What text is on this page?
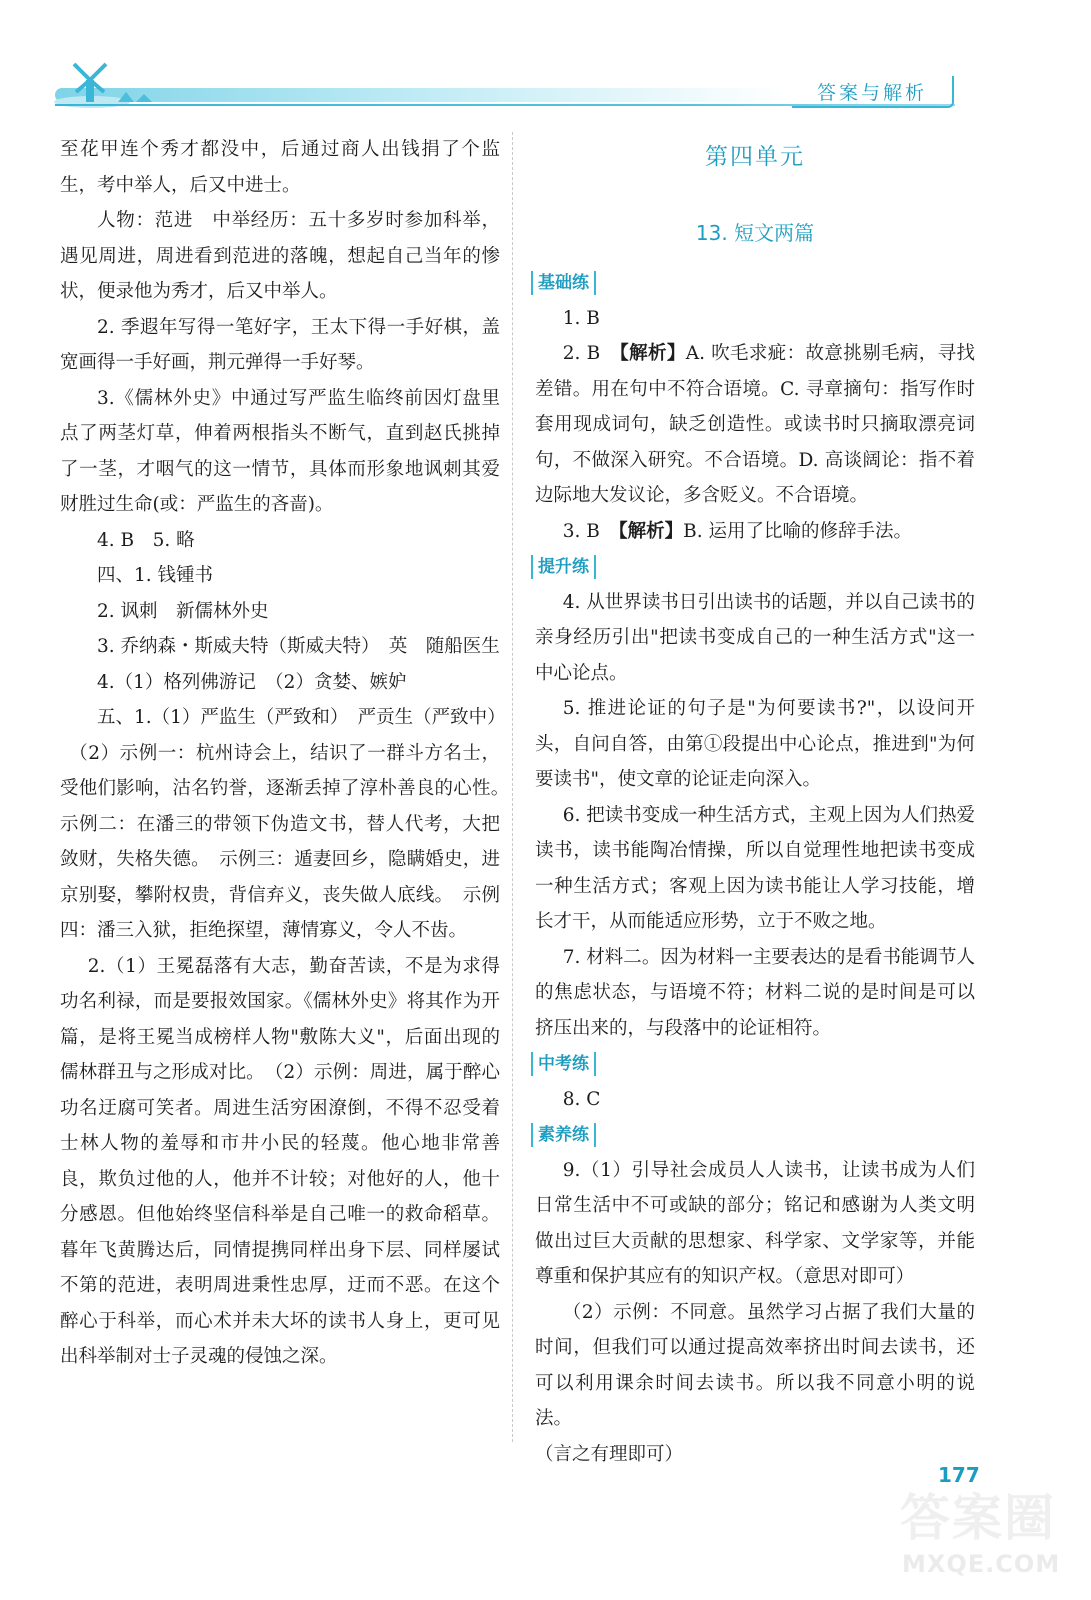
答案与解析

至花甲连个秀才都没中，后通过商人出钱捐了个监生，考中举人，后又中进士。

人物：范进　中举经历：五十多岁时参加科举，遇见周进，周进看到范进的落魄，想起自己当年的惨状，便录他为秀才，后又中举人。

2. 季遐年写得一笔好字，王太下得一手好棋，盖宽画得一手好画，荆元弹得一手好琴。

3.《儒林外史》中通过写严监生临终前因灯盘里点了两茎灯草，伸着两根指头不断气，直到赵氏挑掉了一茎，才咽气的这一情节，具体而形象地讽刺其爱财胜过生命(或：严监生的吝啬)。

4. B　5. 略

四、1. 钱锺书

2. 讽刺　新儒林外史

3. 乔纳森・斯威夫特（斯威夫特）　英　随船医生

4.（1）格列佛游记　（2）贪婪、嫉妒

五、1.（1）严监生（严致和）　严贡生（严致中）

（2）示例一：杭州诗会上，结识了一群斗方名士，受他们影响，沽名钓誉，逐渐丢掉了淳朴善良的心性。　示例二：在潘三的带领下伪造文书，替人代考，大把敛财，失格失德。　示例三：遁妻回乡，隐瞒婚史，进京别娶，攀附权贵，背信弃义，丧失做人底线。　示例四：潘三入狱，拒绝探望，薄情寡义，令人不齿。

2.（1）王冕磊落有大志，勤奋苦读，不是为求得功名利禄，而是要报效国家。《儒林外史》将其作为开篇，是将王冕当成榜样人物"敷陈大义"，后面出现的儒林群丑与之形成对比。　（2）示例：周进，属于醉心功名迂腐可笑者。周进生活穷困潦倒，不得不忍受着士林人物的羞辱和市井小民的轻蔑。他心地非常善良，欺负过他的人，他并不计较；对他好的人，他十分感恩。但他始终坚信科举是自己唯一的救命稻草。暮年飞黄腾达后，同情提携同样出身下层、同样屡试不第的范进，表明周进秉性忠厚，迂而不恶。在这个醉心于科举，而心术并未大坏的读书人身上，更可见出科举制对士子灵魂的侵蚀之深。

第四单元

13. 短文两篇

基础练

1. B

2. B　 【解析】A. 吹毛求疵：故意挑剔毛病，寻找差错。用在句中不符合语境。C. 寻章摘句：指写作时套用现成词句，缺乏创造性。或读书时只摘取漂亮词句，不做深入研究。不合语境。D. 高谈阔论：指不着边际地大发议论，多含贬义。不合语境。

3. B　 【解析】B. 运用了比喻的修辞手法。

提升练

4. 从世界读书日引出读书的话题，并以自己读书的亲身经历引出"把读书变成自己的一种生活方式"这一中心论点。

5. 推进论证的句子是"为何要读书?"，以设问开头，自问自答，由第①段提出中心论点，推进到"为何要读书"，使文章的论证走向深入。

6. 把读书变成一种生活方式，主观上因为人们热爱读书，读书能陶冶情操，所以自觉理性地把读书变成一种生活方式；客观上因为读书能让人学习技能，增长才干，从而能适应形势，立于不败之地。

7. 材料二。因为材料一主要表达的是看书能调节人的焦虑状态，与语境不符；材料二说的是时间是可以挤压出来的，与段落中的论证相符。

中考练

8. C

素养练

9.（1）引导社会成员人人读书，让读书成为人们日常生活中不可或缺的部分；铭记和感谢为人类文明做出过巨大贡献的思想家、科学家、文学家等，并能尊重和保护其应有的知识产权。（意思对即可）

（2）示例：不同意。虽然学习占据了我们大量的时间，但我们可以通过提高效率挤出时间去读书，还可以利用课余时间去读书。所以我不同意小明的说法。

（言之有理即可）

177
答案圈
MXQE.COM
